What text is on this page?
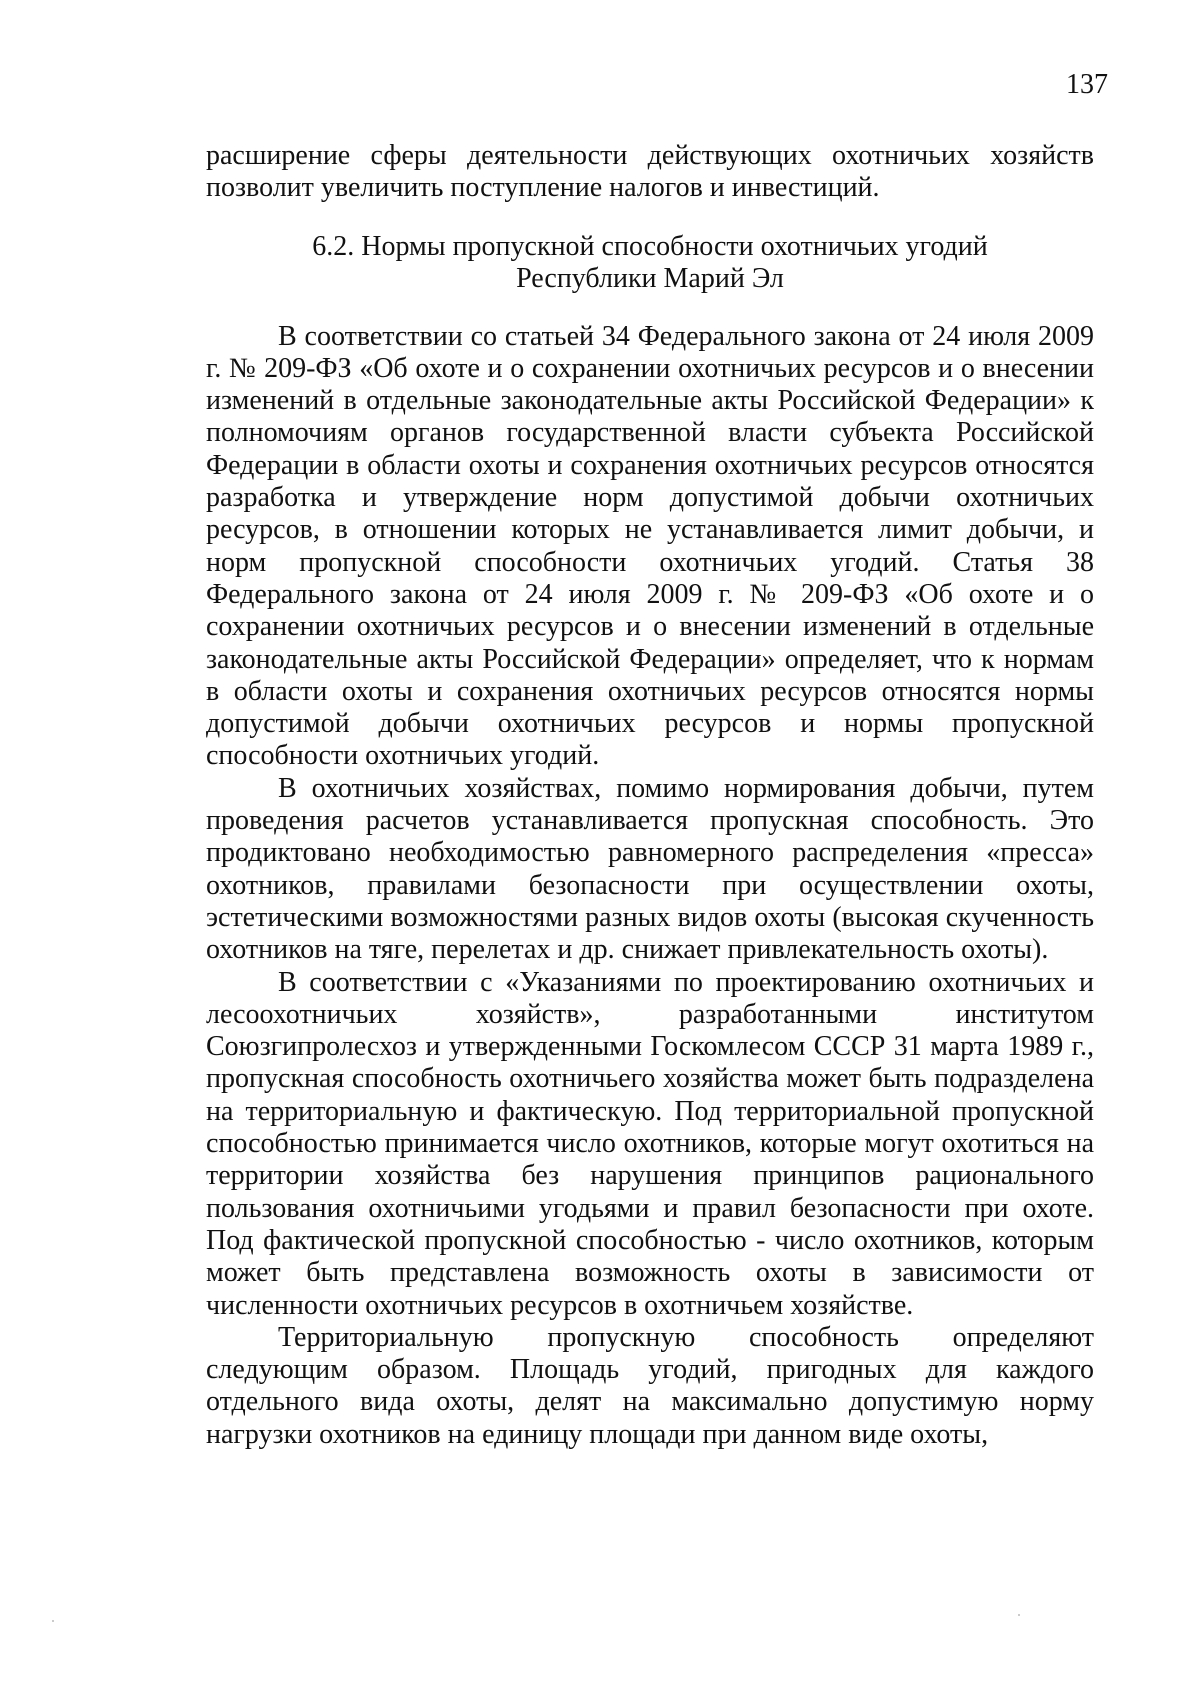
137

расширение сферы деятельности действующих охотничьих хозяйств позволит увеличить поступление налогов и инвестиций.

6.2. Нормы пропускной способности охотничьих угодий
Республики Марий Эл

В соответствии со статьей 34 Федерального закона от 24 июля 2009 г. № 209-ФЗ «Об охоте и о сохранении охотничьих ресурсов и о внесении изменений в отдельные законодательные акты Российской Федерации» к полномочиям органов государственной власти субъекта Российской Федерации в области охоты и сохранения охотничьих ресурсов относятся разработка и утверждение норм допустимой добычи охотничьих ресурсов, в отношении которых не устанавливается лимит добычи, и норм пропускной способности охотничьих угодий. Статья 38 Федерального закона от 24 июля 2009 г. № 209-ФЗ «Об охоте и о сохранении охотничьих ресурсов и о внесении изменений в отдельные законодательные акты Российской Федерации» определяет, что к нормам в области охоты и сохранения охотничьих ресурсов относятся нормы допустимой добычи охотничьих ресурсов и нормы пропускной способности охотничьих угодий.

В охотничьих хозяйствах, помимо нормирования добычи, путем проведения расчетов устанавливается пропускная способность. Это продиктовано необходимостью равномерного распределения «пресса» охотников, правилами безопасности при осуществлении охоты, эстетическими возможностями разных видов охоты (высокая скученность охотников на тяге, перелетах и др. снижает привлекательность охоты).

В соответствии с «Указаниями по проектированию охотничьих и лесоохотничьих хозяйств», разработанными институтом Союзгипролесхоз и утвержденными Госкомлесом СССР 31 марта 1989 г., пропускная способность охотничьего хозяйства может быть подразделена на территориальную и фактическую. Под территориальной пропускной способностью принимается число охотников, которые могут охотиться на территории хозяйства без нарушения принципов рационального пользования охотничьими угодьями и правил безопасности при охоте. Под фактической пропускной способностью - число охотников, которым может быть представлена возможность охоты в зависимости от численности охотничьих ресурсов в охотничьем хозяйстве.

Территориальную пропускную способность определяют следующим образом. Площадь угодий, пригодных для каждого отдельного вида охоты, делят на максимально допустимую норму нагрузки охотников на единицу площади при данном виде охоты,
